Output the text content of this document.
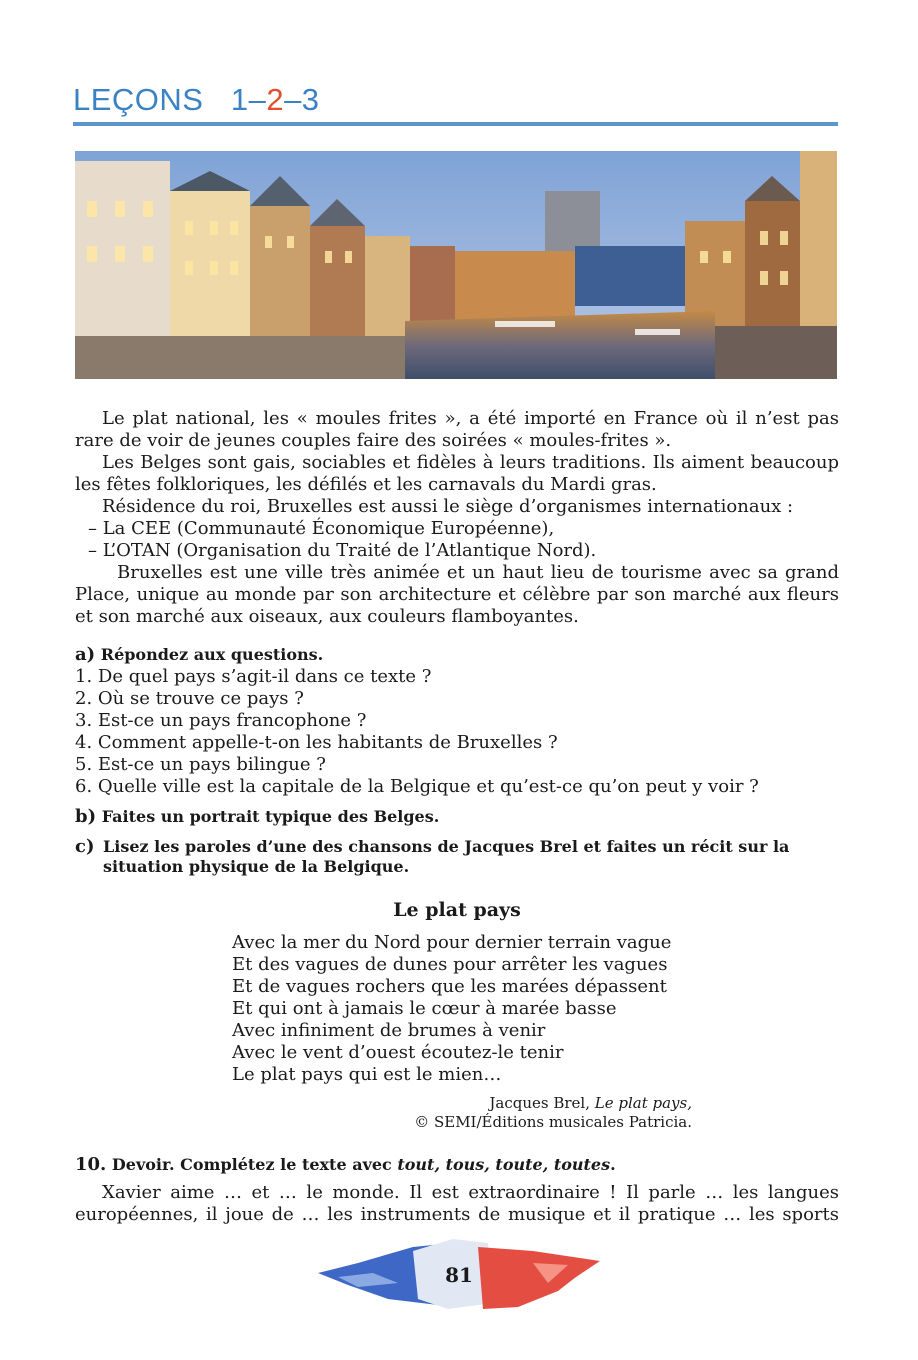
LEÇONS 1–2–3

Le plat national, les « moules frites », a été importé en France où il n’est pas rare de voir de jeunes couples faire des soirées « moules-frites ».

Les Belges sont gais, sociables et fidèles à leurs traditions. Ils aiment beaucoup les fêtes folkloriques, les défilés et les carnavals du Mardi gras.

Résidence du roi, Bruxelles est aussi le siège d’organismes internationaux :

– La CEE (Communauté Économique Européenne),
– L’OTAN (Organisation du Traité de l’Atlantique Nord).

Bruxelles est une ville très animée et un haut lieu de tourisme avec sa grand Place, unique au monde par son architecture et célèbre par son marché aux fleurs et son marché aux oiseaux, aux couleurs flamboyantes.

a) Répondez aux questions.
1. De quel pays s’agit-il dans ce texte ?
2. Où se trouve ce pays ?
3. Est-ce un pays francophone ?
4. Comment appelle-t-on les habitants de Bruxelles ?
5. Est-ce un pays bilingue ?
6. Quelle ville est la capitale de la Belgique et qu’est-ce qu’on peut y voir ?
b) Faites un portrait typique des Belges.
c) Lisez les paroles d’une des chansons de Jacques Brel et faites un récit sur la situation physique de la Belgique.
Le plat pays
Avec la mer du Nord pour dernier terrain vague
Et des vagues de dunes pour arrêter les vagues
Et de vagues rochers que les marées dépassent
Et qui ont à jamais le cœur à marée basse
Avec infiniment de brumes à venir
Avec le vent d’ouest écoutez-le tenir
Le plat pays qui est le mien…
Jacques Brel, Le plat pays,
© SEMI/Éditions musicales Patricia.
10. Devoir. Complétez le texte avec tout, tous, toute, toutes.

Xavier aime … et … le monde. Il est extraordinaire ! Il parle … les langues européennes, il joue de … les instruments de musique et il pratique … les sports

81
